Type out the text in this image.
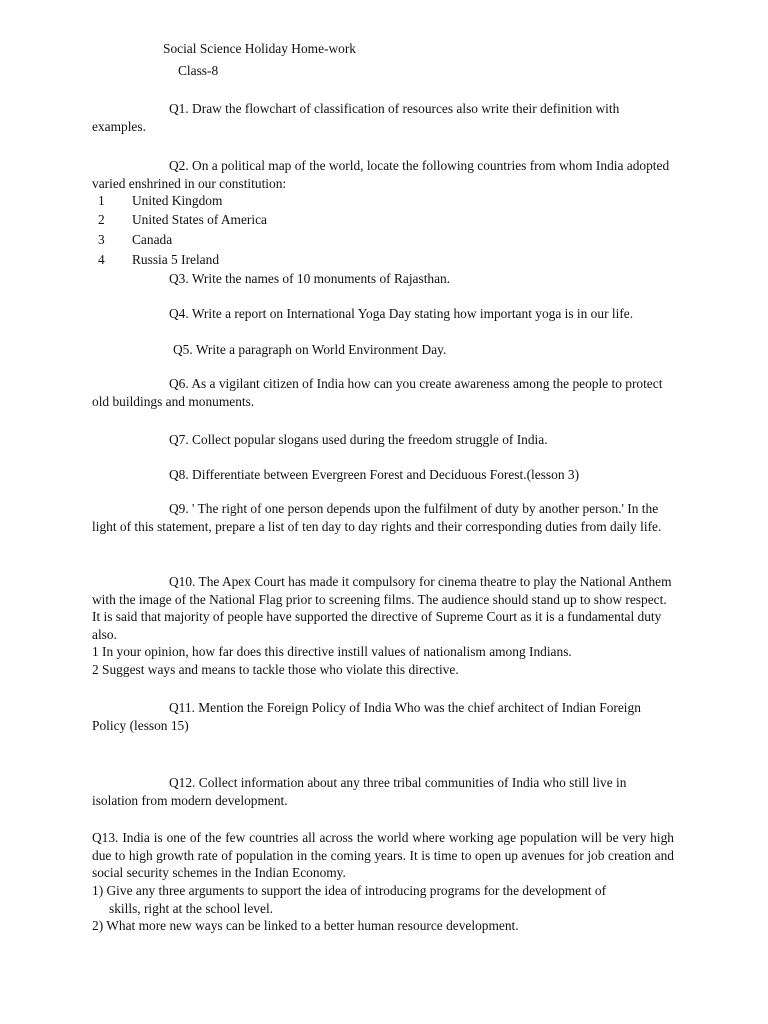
Social Science Holiday Home-work
Class-8
Q1. Draw the flowchart of classification of resources also write their definition with examples.
Q2. On a political map of the world, locate the following countries from whom India adopted varied enshrined in our constitution:
1 United Kingdom
2 United States of America
3 Canada
4 Russia 5 Ireland
Q3. Write the names of 10 monuments of Rajasthan.
Q4. Write a report on International Yoga Day stating how important yoga is in our life.
Q5. Write a paragraph on World Environment Day.
Q6. As a vigilant citizen of India how can you create awareness among the people to protect old buildings and monuments.
Q7. Collect popular slogans used during the freedom struggle of India.
Q8. Differentiate between Evergreen Forest and Deciduous Forest.(lesson 3)
Q9. ' The right of one person depends upon the fulfilment of duty by another person.' In the light of this statement, prepare a list of ten day to day rights and their corresponding duties from daily life.
Q10. The Apex Court has made it compulsory for cinema theatre to play the National Anthem with the image of the National Flag prior to screening films. The audience should stand up to show respect. It is said that majority of people have supported the directive of Supreme Court as it is a fundamental duty also.
1 In your opinion, how far does this directive instill values of nationalism among Indians.
2 Suggest ways and means to tackle those who violate this directive.
Q11. Mention the Foreign Policy of India Who was the chief architect of Indian Foreign Policy (lesson 15)
Q12. Collect information about any three tribal communities of India who still live in isolation from modern development.
Q13. India is one of the few countries all across the world where working age population will be very high due to high growth rate of population in the coming years. It is time to open up avenues for job creation and social security schemes in the Indian Economy.
1) Give any three arguments to support the idea of introducing programs for the development of
skills, right at the school level.
2) What more new ways can be linked to a better human resource development.
